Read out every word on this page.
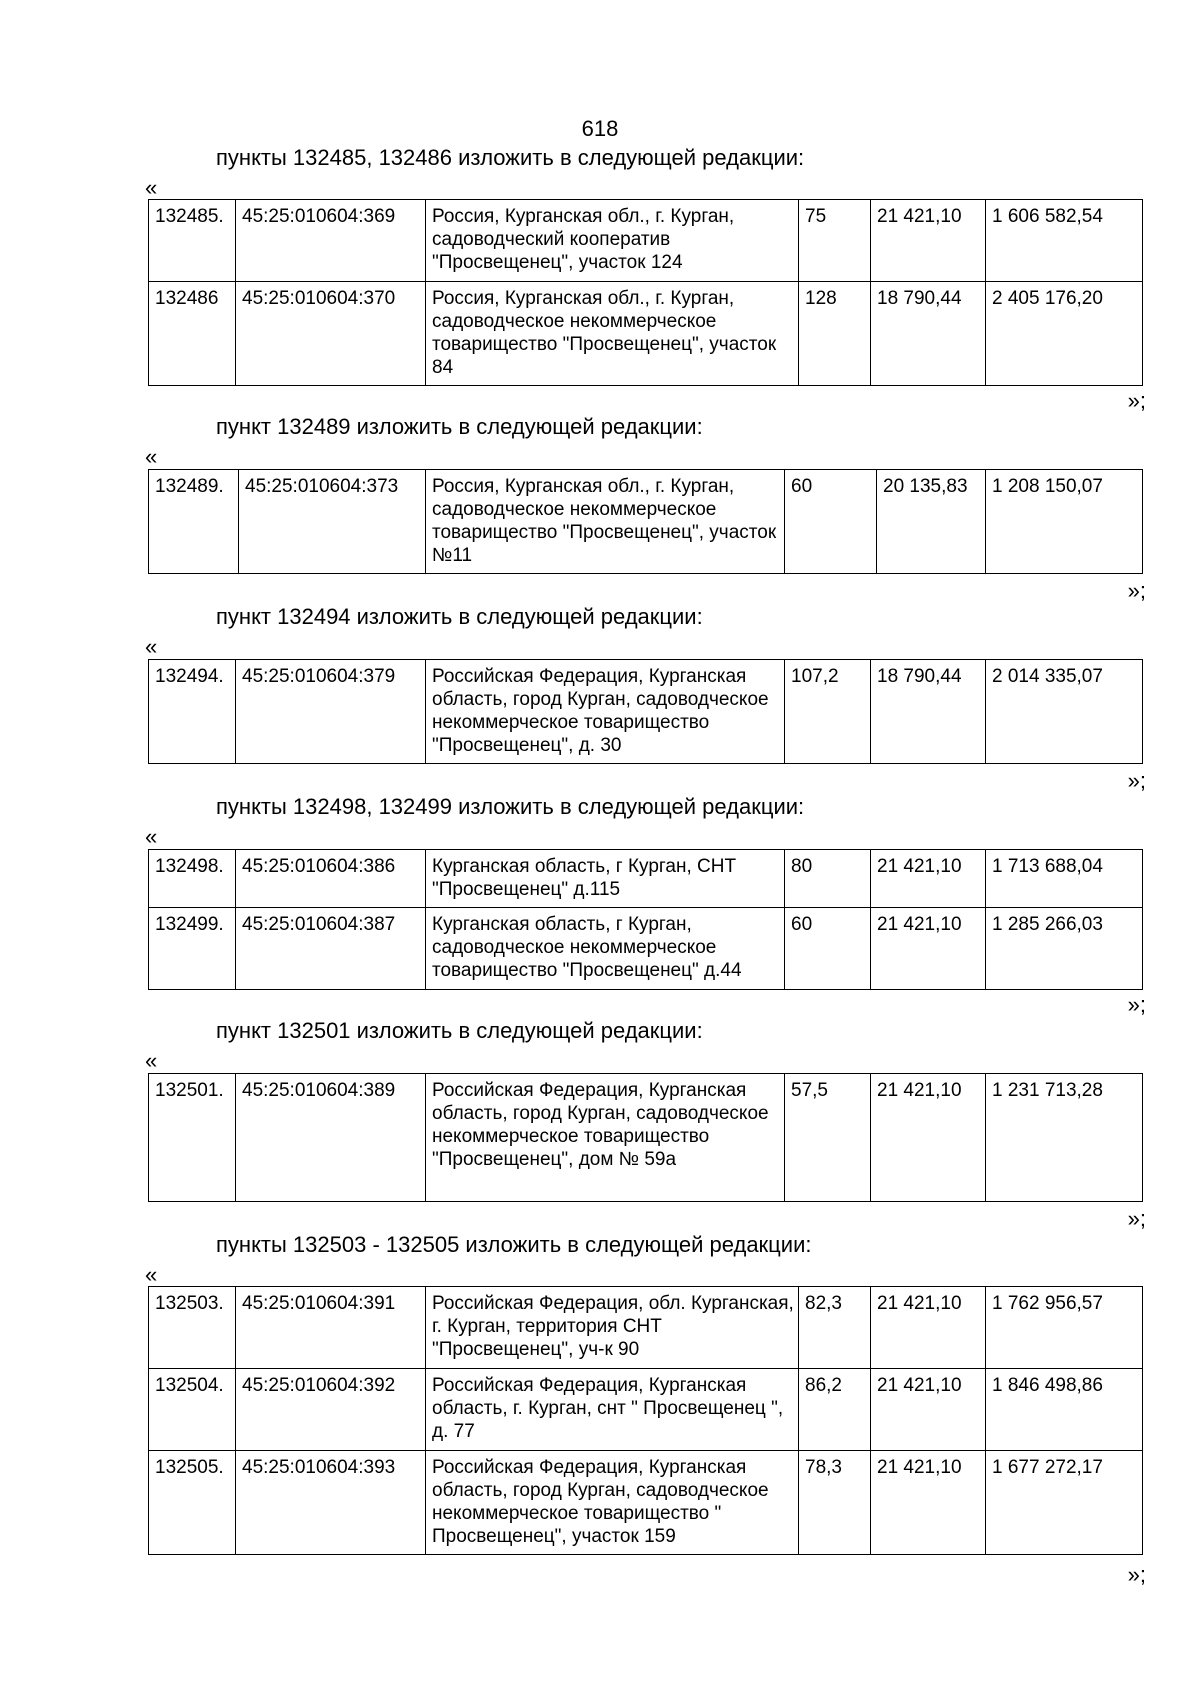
618
пункты 132485, 132486 изложить в следующей редакции:
«
132485.	45:25:010604:369	Россия, Курганская обл., г. Курган, садоводческий кооператив "Просвещенец", участок 124	75	21 421,10	1 606 582,54
132486	45:25:010604:370	Россия, Курганская обл., г. Курган, садоводческое некоммерческое товарищество "Просвещенец", участок 84	128	18 790,44	2 405 176,20
»;
пункт 132489 изложить в следующей редакции:
«
132489.	45:25:010604:373	Россия, Курганская обл., г. Курган, садоводческое некоммерческое товарищество "Просвещенец", участок №11	60	20 135,83	1 208 150,07
»;
пункт 132494 изложить в следующей редакции:
«
132494.	45:25:010604:379	Российская Федерация, Курганская область, город Курган, садоводческое некоммерческое товарищество "Просвещенец", д. 30	107,2	18 790,44	2 014 335,07
»;
пункты 132498, 132499 изложить в следующей редакции:
«
132498.	45:25:010604:386	Курганская область, г Курган, СНТ "Просвещенец" д.115	80	21 421,10	1 713 688,04
132499.	45:25:010604:387	Курганская область, г Курган, садоводческое некоммерческое товарищество "Просвещенец" д.44	60	21 421,10	1 285 266,03
»;
пункт 132501 изложить в следующей редакции:
«
132501.	45:25:010604:389	Российская Федерация, Курганская область, город Курган, садоводческое некоммерческое товарищество "Просвещенец", дом № 59а	57,5	21 421,10	1 231 713,28
»;
пункты 132503 - 132505 изложить в следующей редакции:
«
132503.	45:25:010604:391	Российская Федерация, обл. Курганская, г. Курган, территория СНТ "Просвещенец", уч-к 90	82,3	21 421,10	1 762 956,57
132504.	45:25:010604:392	Российская Федерация, Курганская область, г. Курган, снт " Просвещенец ", д. 77	86,2	21 421,10	1 846 498,86
132505.	45:25:010604:393	Российская Федерация, Курганская область, город Курган, садоводческое некоммерческое товарищество " Просвещенец", участок 159	78,3	21 421,10	1 677 272,17
»;
